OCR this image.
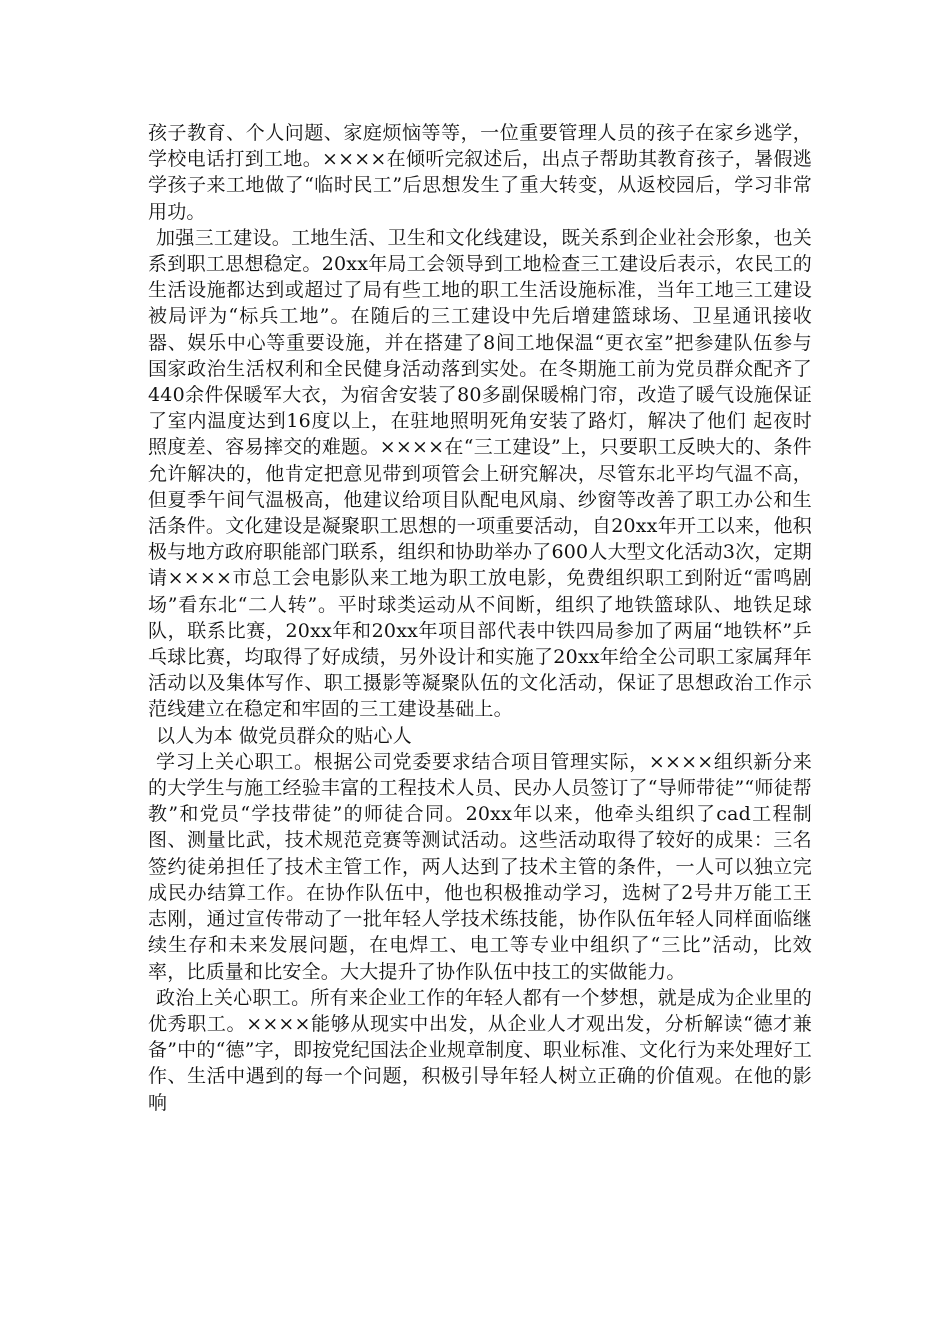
孩子教育、个人问题、家庭烦恼等等，一位重要管理人员的孩子在家乡逃学，学校电话打到工地。××××在倾听完叙述后，出点子帮助其教育孩子，暑假逃学孩子来工地做了“临时民工”后思想发生了重大转变，从返校园后，学习非常用功。

加强三工建设。工地生活、卫生和文化线建设，既关系到企业社会形象，也关系到职工思想稳定。20xx年局工会领导到工地检查三工建设后表示，农民工的生活设施都达到或超过了局有些工地的职工生活设施标准，当年工地三工建设被局评为“标兵工地”。在随后的三工建设中先后增建篮球场、卫星通讯接收器、娱乐中心等重要设施，并在搭建了8间工地保温“更衣室”把参建队伍参与国家政治生活权利和全民健身活动落到实处。在冬期施工前为党员群众配齐了440余件保暖军大衣，为宿舍安装了80多副保暖棉门帘，改造了暖气设施保证了室内温度达到16度以上，在驻地照明死角安装了路灯，解决了他们 起夜时照度差、容易摔交的难题。××××在“三工建设”上，只要职工反映大的、条件允许解决的，他肯定把意见带到项管会上研究解决，尽管东北平均气温不高，但夏季午间气温极高，他建议给项目队配电风扇、纱窗等改善了职工办公和生活条件。文化建设是凝聚职工思想的一项重要活动，自20xx年开工以来，他积极与地方政府职能部门联系，组织和协助举办了600人大型文化活动3次，定期请××××市总工会电影队来工地为职工放电影，免费组织职工到附近“雷鸣剧场”看东北“二人转”。平时球类运动从不间断，组织了地铁篮球队、地铁足球队，联系比赛，20xx年和20xx年项目部代表中铁四局参加了两届“地铁杯”乒乓球比赛，均取得了好成绩，另外设计和实施了20xx年给全公司职工家属拜年活动以及集体写作、职工摄影等凝聚队伍的文化活动，保证了思想政治工作示范线建立在稳定和牢固的三工建设基础上。

以人为本 做党员群众的贴心人

学习上关心职工。根据公司党委要求结合项目管理实际，××××组织新分来的大学生与施工经验丰富的工程技术人员、民办人员签订了“导师带徒”“师徒帮教”和党员“学技带徒”的师徒合同。20xx年以来，他牵头组织了cad工程制图、测量比武，技术规范竞赛等测试活动。这些活动取得了较好的成果：三名签约徒弟担任了技术主管工作，两人达到了技术主管的条件，一人可以独立完成民办结算工作。在协作队伍中，他也积极推动学习，选树了2号井万能工王志刚，通过宣传带动了一批年轻人学技术练技能，协作队伍年轻人同样面临继续生存和未来发展问题，在电焊工、电工等专业中组织了“三比”活动，比效率，比质量和比安全。大大提升了协作队伍中技工的实做能力。

政治上关心职工。所有来企业工作的年轻人都有一个梦想，就是成为企业里的优秀职工。××××能够从现实中出发，从企业人才观出发，分析解读“德才兼备”中的“德”字，即按党纪国法企业规章制度、职业标准、文化行为来处理好工作、生活中遇到的每一个问题，积极引导年轻人树立正确的价值观。在他的影响
